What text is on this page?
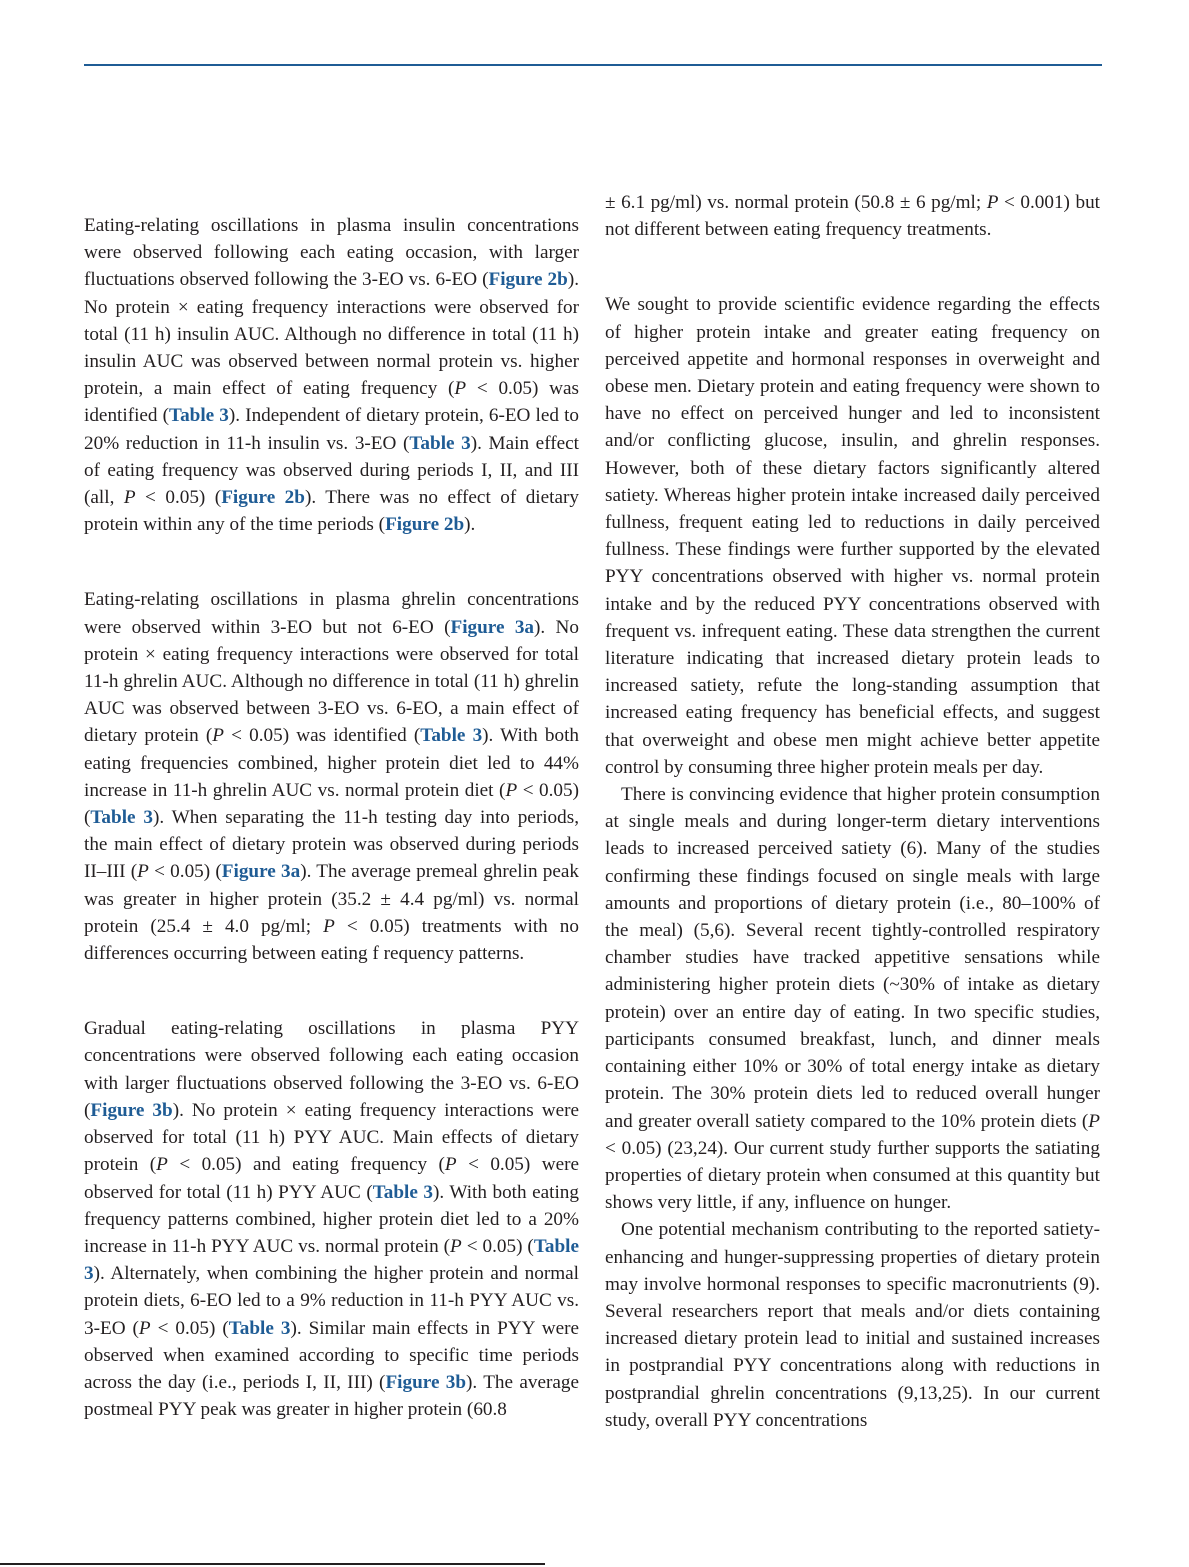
Eating-relating oscillations in plasma insulin concentrations were observed following each eating occasion, with larger fluctuations observed following the 3-EO vs. 6-EO (Figure 2b). No protein × eating frequency interactions were observed for total (11 h) insulin AUC. Although no difference in total (11 h) insulin AUC was observed between normal protein vs. higher protein, a main effect of eating frequency (P < 0.05) was identified (Table 3). Independent of dietary protein, 6-EO led to 20% reduction in 11-h insulin vs. 3-EO (Table 3). Main effect of eating frequency was observed during periods I, II, and III (all, P < 0.05) (Figure 2b). There was no effect of dietary protein within any of the time periods (Figure 2b).

Eating-relating oscillations in plasma ghrelin concentrations were observed within 3-EO but not 6-EO (Figure 3a). No protein × eating frequency interactions were observed for total 11-h ghrelin AUC. Although no difference in total (11 h) ghrelin AUC was observed between 3-EO vs. 6-EO, a main effect of dietary protein (P < 0.05) was identified (Table 3). With both eating frequencies combined, higher protein diet led to 44% increase in 11-h ghrelin AUC vs. normal protein diet (P < 0.05) (Table 3). When separating the 11-h testing day into periods, the main effect of dietary protein was observed during periods II–III (P < 0.05) (Figure 3a). The average premeal ghrelin peak was greater in higher protein (35.2 ± 4.4 pg/ml) vs. normal protein (25.4 ± 4.0 pg/ml; P < 0.05) treatments with no differences occurring between eating f requency patterns.

Gradual eating-relating oscillations in plasma PYY concentrations were observed following each eating occasion with larger fluctuations observed following the 3-EO vs. 6-EO (Figure 3b). No protein × eating frequency interactions were observed for total (11 h) PYY AUC. Main effects of dietary protein (P < 0.05) and eating frequency (P < 0.05) were observed for total (11 h) PYY AUC (Table 3). With both eating frequency patterns combined, higher protein diet led to a 20% increase in 11-h PYY AUC vs. normal protein (P < 0.05) (Table 3). Alternately, when combining the higher protein and normal protein diets, 6-EO led to a 9% reduction in 11-h PYY AUC vs. 3-EO (P < 0.05) (Table 3). Similar main effects in PYY were observed when examined according to specific time periods across the day (i.e., periods I, II, III) (Figure 3b). The average postmeal PYY peak was greater in higher protein (60.8

± 6.1 pg/ml) vs. normal protein (50.8 ± 6 pg/ml; P < 0.001) but not different between eating frequency treatments.

We sought to provide scientific evidence regarding the effects of higher protein intake and greater eating frequency on perceived appetite and hormonal responses in overweight and obese men. Dietary protein and eating frequency were shown to have no effect on perceived hunger and led to inconsistent and/or conflicting glucose, insulin, and ghrelin responses. However, both of these dietary factors significantly altered satiety. Whereas higher protein intake increased daily perceived fullness, frequent eating led to reductions in daily perceived fullness. These findings were further supported by the elevated PYY concentrations observed with higher vs. normal protein intake and by the reduced PYY concentrations observed with frequent vs. infrequent eating. These data strengthen the current literature indicating that increased dietary protein leads to increased satiety, refute the long-standing assumption that increased eating frequency has beneficial effects, and suggest that overweight and obese men might achieve better appetite control by consuming three higher protein meals per day.

There is convincing evidence that higher protein consumption at single meals and during longer-term dietary interventions leads to increased perceived satiety (6). Many of the studies confirming these findings focused on single meals with large amounts and proportions of dietary protein (i.e., 80–100% of the meal) (5,6). Several recent tightly-controlled respiratory chamber studies have tracked appetitive sensations while administering higher protein diets (~30% of intake as dietary protein) over an entire day of eating. In two specific studies, participants consumed breakfast, lunch, and dinner meals containing either 10% or 30% of total energy intake as dietary protein. The 30% protein diets led to reduced overall hunger and greater overall satiety compared to the 10% protein diets (P < 0.05) (23,24). Our current study further supports the satiating properties of dietary protein when consumed at this quantity but shows very little, if any, influence on hunger.

One potential mechanism contributing to the reported satiety-enhancing and hunger-suppressing properties of dietary protein may involve hormonal responses to specific macronutrients (9). Several researchers report that meals and/or diets containing increased dietary protein lead to initial and sustained increases in postprandial PYY concentrations along with reductions in postprandial ghrelin concentrations (9,13,25). In our current study, overall PYY concentrations
